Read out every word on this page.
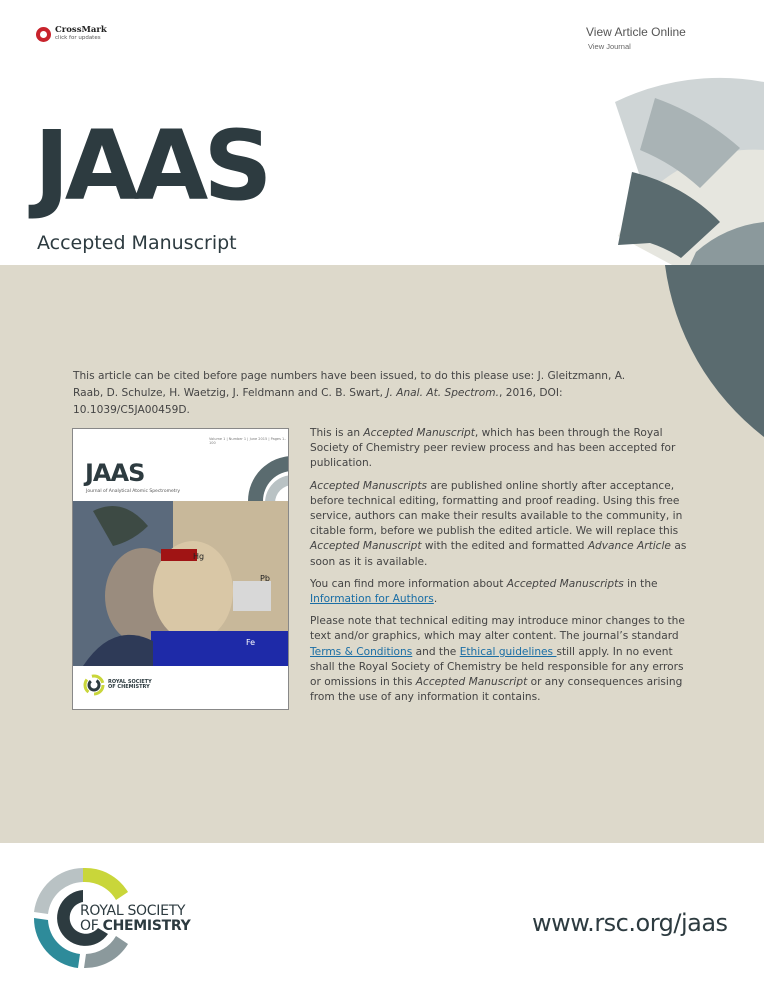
CrossMark
click for updates	View Article Online
View Journal
JAAS
Accepted Manuscript
This article can be cited before page numbers have been issued, to do this please use: J. Gleitzmann, A. Raab, D. Schulze, H. Waetzig, J. Feldmann and C. B. Swart, J. Anal. At. Spectrom., 2016, DOI: 10.1039/C5JA00459D.
Volume 1 | Number 1 | June 2015 | Pages 1–100
JAAS
Journal of Analytical Atomic Spectrometry
Hg
Pb
Fe
ROYAL SOCIETY
OF CHEMISTRY

This is an Accepted Manuscript, which has been through the Royal Society of Chemistry peer review process and has been accepted for publication.

Accepted Manuscripts are published online shortly after acceptance, before technical editing, formatting and proof reading. Using this free service, authors can make their results available to the community, in citable form, before we publish the edited article. We will replace this Accepted Manuscript with the edited and formatted Advance Article as soon as it is available.

You can find more information about Accepted Manuscripts in the Information for Authors.

Please note that technical editing may introduce minor changes to the text and/or graphics, which may alter content. The journal’s standard Terms & Conditions and the Ethical guidelines still apply. In no event shall the Royal Society of Chemistry be held responsible for any errors or omissions in this Accepted Manuscript or any consequences arising from the use of any information it contains.

ROYAL SOCIETY
OF CHEMISTRY	www.rsc.org/jaas
